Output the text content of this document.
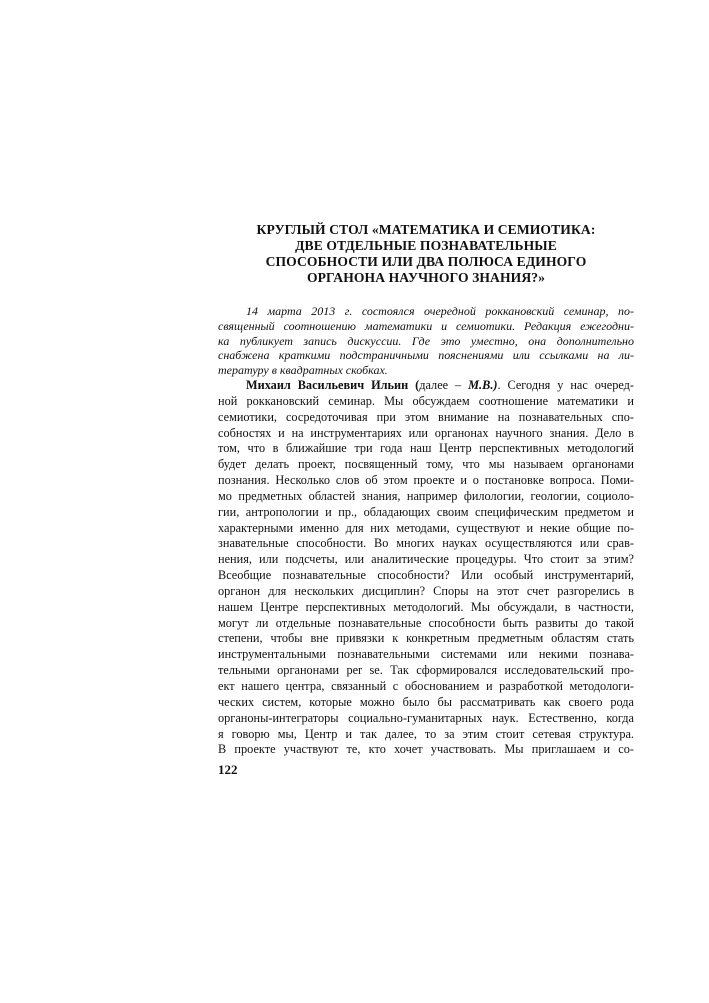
КРУГЛЫЙ СТОЛ «МАТЕМАТИКА И СЕМИОТИКА:
ДВЕ ОТДЕЛЬНЫЕ ПОЗНАВАТЕЛЬНЫЕ
СПОСОБНОСТИ ИЛИ ДВА ПОЛЮСА ЕДИНОГО
ОРГАНОНА НАУЧНОГО ЗНАНИЯ?»

14 марта 2013 г. состоялся очередной роккановский семинар, по-
священный соотношению математики и семиотики. Редакция ежегодни-
ка публикует запись дискуссии. Где это уместно, она дополнительно
снабжена краткими подстраничными пояснениями или ссылками на ли-
тературу в квадратных скобках.

Михаил Васильевич Ильин (далее – М.В.). Сегодня у нас очеред-
ной роккановский семинар. Мы обсуждаем соотношение математики и
семиотики, сосредоточивая при этом внимание на познавательных спо-
собностях и на инструментариях или органонах научного знания. Дело в
том, что в ближайшие три года наш Центр перспективных методологий
будет делать проект, посвященный тому, что мы называем органонами
познания. Несколько слов об этом проекте и о постановке вопроса. Поми-
мо предметных областей знания, например филологии, геологии, социоло-
гии, антропологии и пр., обладающих своим специфическим предметом и
характерными именно для них методами, существуют и некие общие по-
знавательные способности. Во многих науках осуществляются или срав-
нения, или подсчеты, или аналитические процедуры. Что стоит за этим?
Всеобщие познавательные способности? Или особый инструментарий,
органон для нескольких дисциплин? Споры на этот счет разгорелись в
нашем Центре перспективных методологий. Мы обсуждали, в частности,
могут ли отдельные познавательные способности быть развиты до такой
степени, чтобы вне привязки к конкретным предметным областям стать
инструментальными познавательными системами или некими познава-
тельными органонами per se. Так сформировался исследовательский про-
ект нашего центра, связанный с обоснованием и разработкой методологи-
ческих систем, которые можно было бы рассматривать как своего рода
органоны-интеграторы социально-гуманитарных наук. Естественно, когда
я говорю мы, Центр и так далее, то за этим стоит сетевая структура.
В проекте участвуют те, кто хочет участвовать. Мы приглашаем и со-
122
